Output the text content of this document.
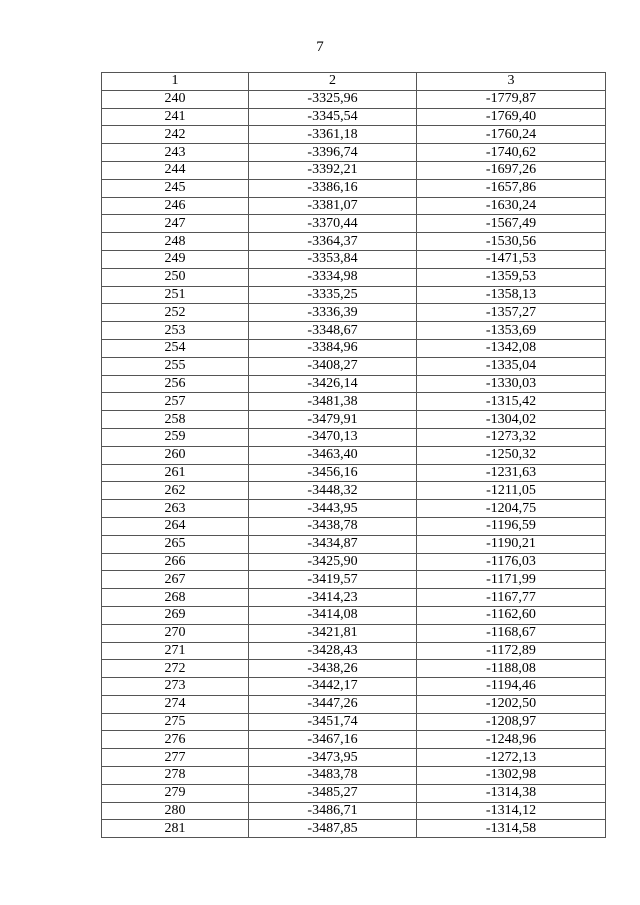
7
1	2	3
240	-3325,96	-1779,87
241	-3345,54	-1769,40
242	-3361,18	-1760,24
243	-3396,74	-1740,62
244	-3392,21	-1697,26
245	-3386,16	-1657,86
246	-3381,07	-1630,24
247	-3370,44	-1567,49
248	-3364,37	-1530,56
249	-3353,84	-1471,53
250	-3334,98	-1359,53
251	-3335,25	-1358,13
252	-3336,39	-1357,27
253	-3348,67	-1353,69
254	-3384,96	-1342,08
255	-3408,27	-1335,04
256	-3426,14	-1330,03
257	-3481,38	-1315,42
258	-3479,91	-1304,02
259	-3470,13	-1273,32
260	-3463,40	-1250,32
261	-3456,16	-1231,63
262	-3448,32	-1211,05
263	-3443,95	-1204,75
264	-3438,78	-1196,59
265	-3434,87	-1190,21
266	-3425,90	-1176,03
267	-3419,57	-1171,99
268	-3414,23	-1167,77
269	-3414,08	-1162,60
270	-3421,81	-1168,67
271	-3428,43	-1172,89
272	-3438,26	-1188,08
273	-3442,17	-1194,46
274	-3447,26	-1202,50
275	-3451,74	-1208,97
276	-3467,16	-1248,96
277	-3473,95	-1272,13
278	-3483,78	-1302,98
279	-3485,27	-1314,38
280	-3486,71	-1314,12
281	-3487,85	-1314,58
